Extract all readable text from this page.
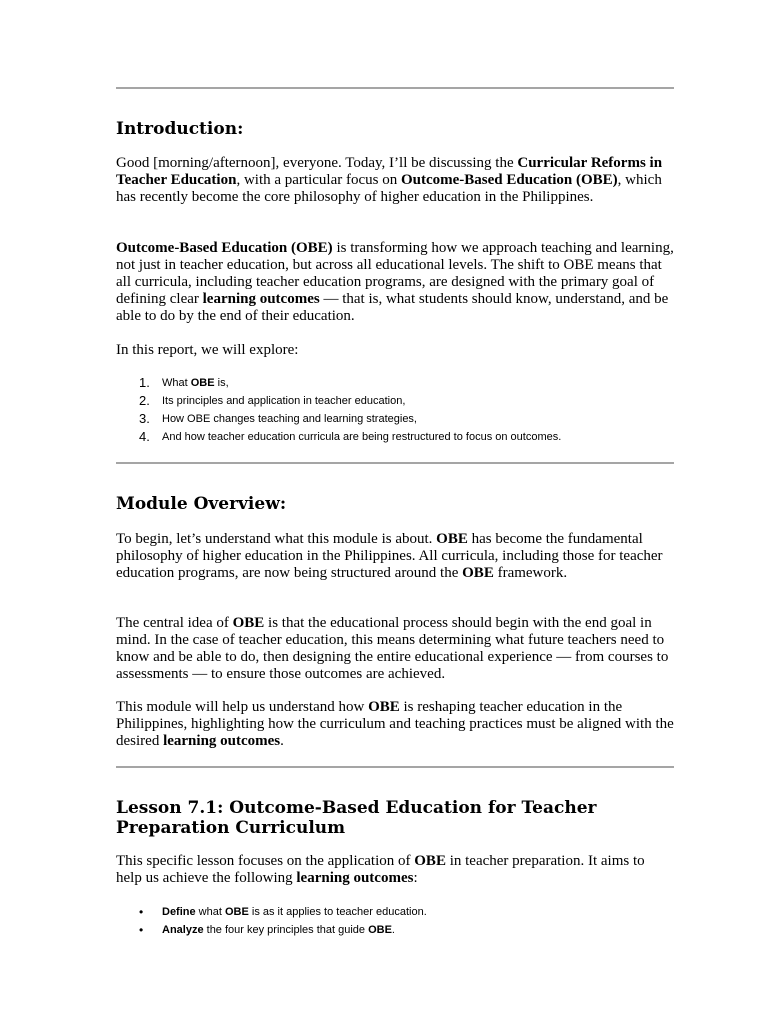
Introduction:

Good [morning/afternoon], everyone. Today, I’ll be discussing the Curricular Reforms in Teacher Education, with a particular focus on Outcome-Based Education (OBE), which has recently become the core philosophy of higher education in the Philippines.

Outcome-Based Education (OBE) is transforming how we approach teaching and learning, not just in teacher education, but across all educational levels. The shift to OBE means that all curricula, including teacher education programs, are designed with the primary goal of defining clear learning outcomes — that is, what students should know, understand, and be able to do by the end of their education.

In this report, we will explore:

1. What OBE is,
2. Its principles and application in teacher education,
3. How OBE changes teaching and learning strategies,
4. And how teacher education curricula are being restructured to focus on outcomes.
Module Overview:

To begin, let’s understand what this module is about. OBE has become the fundamental philosophy of higher education in the Philippines. All curricula, including those for teacher education programs, are now being structured around the OBE framework.

The central idea of OBE is that the educational process should begin with the end goal in mind. In the case of teacher education, this means determining what future teachers need to know and be able to do, then designing the entire educational experience — from courses to assessments — to ensure those outcomes are achieved.

This module will help us understand how OBE is reshaping teacher education in the Philippines, highlighting how the curriculum and teaching practices must be aligned with the desired learning outcomes.

Lesson 7.1: Outcome-Based Education for Teacher
Preparation Curriculum

This specific lesson focuses on the application of OBE in teacher preparation. It aims to help us achieve the following learning outcomes:

• Define what OBE is as it applies to teacher education.
• Analyze the four key principles that guide OBE.
